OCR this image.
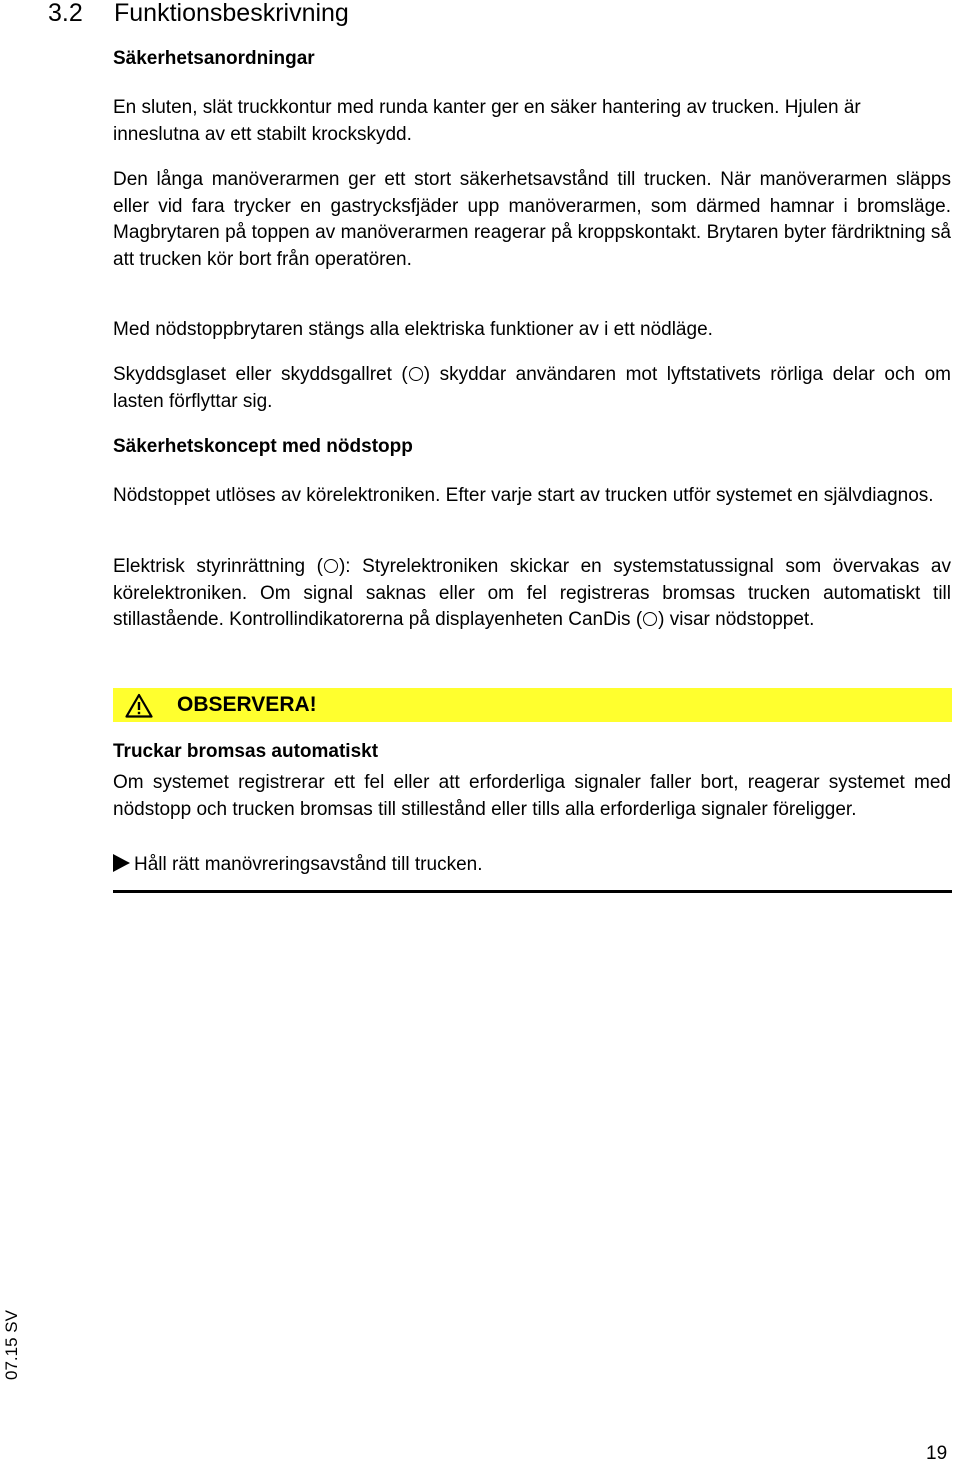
3.2 Funktionsbeskrivning
Säkerhetsanordningar
En sluten, slät truckkontur med runda kanter ger en säker hantering av trucken. Hjulen är inneslutna av ett stabilt krockskydd.
Den långa manöverarmen ger ett stort säkerhetsavstånd till trucken. När manöverarmen släpps eller vid fara trycker en gastrycksfjäder upp manöverarmen, som därmed hamnar i bromsläge. Magbrytaren på toppen av manöverarmen reagerar på kroppskontakt. Brytaren byter färdriktning så att trucken kör bort från operatören.
Med nödstoppbrytaren stängs alla elektriska funktioner av i ett nödläge.
Skyddsglaset eller skyddsgallret ( ) skyddar användaren mot lyftstativets rörliga delar och om lasten förflyttar sig.
Säkerhetskoncept med nödstopp
Nödstoppet utlöses av körelektroniken. Efter varje start av trucken utför systemet en självdiagnos.
Elektrisk styrinrättning ( ): Styrelektroniken skickar en systemstatussignal som övervakas av körelektroniken. Om signal saknas eller om fel registreras bromsas trucken automatiskt till stillastående. Kontrollindikatorerna på displayenheten CanDis ( ) visar nödstoppet.
OBSERVERA!
Truckar bromsas automatiskt
Om systemet registrerar ett fel eller att erforderliga signaler faller bort, reagerar systemet med nödstopp och trucken bromsas till stillestånd eller tills alla erforderliga signaler föreligger.
Håll rätt manövreringsavstånd till trucken.
07.15 SV
19
